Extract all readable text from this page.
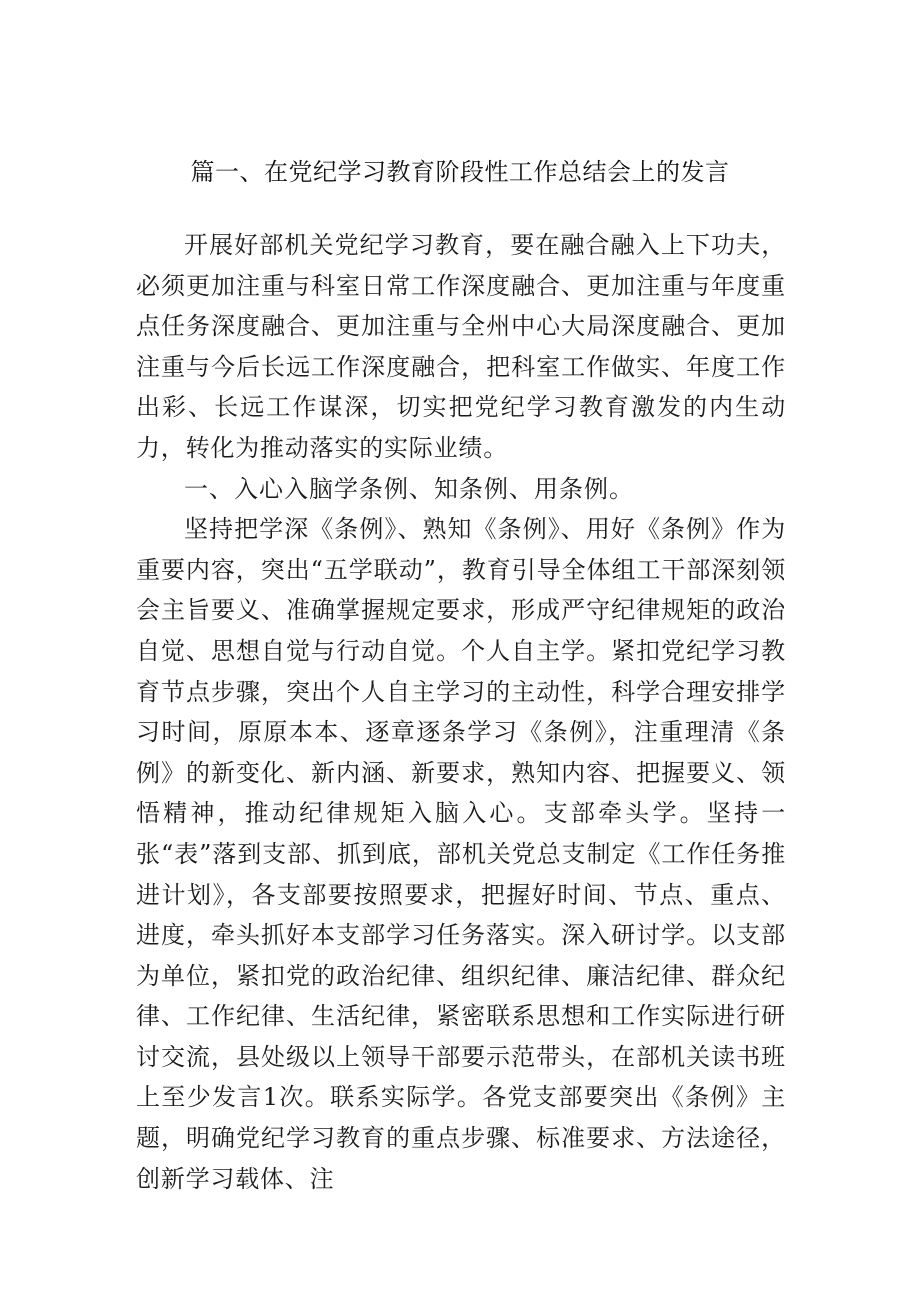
篇一、在党纪学习教育阶段性工作总结会上的发言

开展好部机关党纪学习教育，要在融合融入上下功夫，必须更加注重与科室日常工作深度融合、更加注重与年度重点任务深度融合、更加注重与全州中心大局深度融合、更加注重与今后长远工作深度融合，把科室工作做实、年度工作出彩、长远工作谋深，切实把党纪学习教育激发的内生动力，转化为推动落实的实际业绩。

一、入心入脑学条例、知条例、用条例。

坚持把学深《条例》、熟知《条例》、用好《条例》作为重要内容，突出“五学联动”，教育引导全体组工干部深刻领会主旨要义、准确掌握规定要求，形成严守纪律规矩的政治自觉、思想自觉与行动自觉。个人自主学。紧扣党纪学习教育节点步骤，突出个人自主学习的主动性，科学合理安排学习时间，原原本本、逐章逐条学习《条例》，注重理清《条例》的新变化、新内涵、新要求，熟知内容、把握要义、领悟精神，推动纪律规矩入脑入心。支部牵头学。坚持一张“表”落到支部、抓到底，部机关党总支制定《工作任务推进计划》，各支部要按照要求，把握好时间、节点、重点、进度，牵头抓好本支部学习任务落实。深入研讨学。以支部为单位，紧扣党的政治纪律、组织纪律、廉洁纪律、群众纪律、工作纪律、生活纪律，紧密联系思想和工作实际进行研讨交流，县处级以上领导干部要示范带头，在部机关读书班上至少发言1次。联系实际学。各党支部要突出《条例》主题，明确党纪学习教育的重点步骤、标准要求、方法途径，创新学习载体、注
